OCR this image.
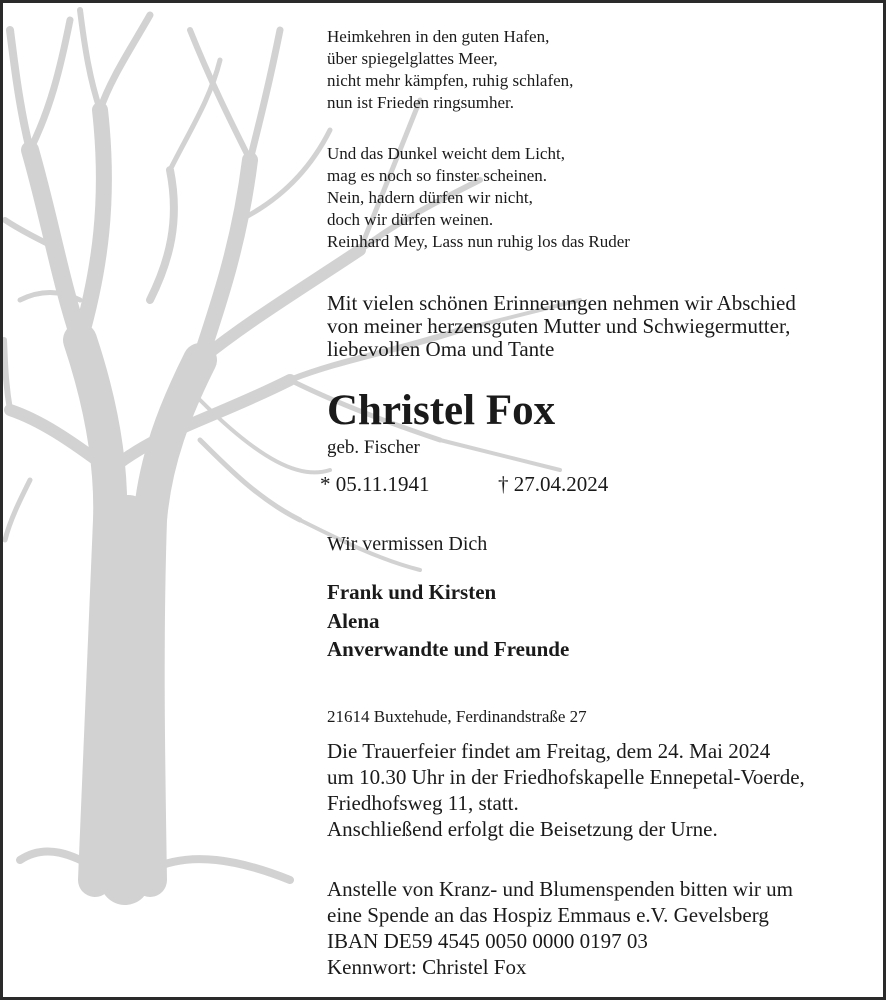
Heimkehren in den guten Hafen,
über spiegelglattes Meer,
nicht mehr kämpfen, ruhig schlafen,
nun ist Frieden ringsumher.
Und das Dunkel weicht dem Licht,
mag es noch so finster scheinen.
Nein, hadern dürfen wir nicht,
doch wir dürfen weinen.
Reinhard Mey, Lass nun ruhig los das Ruder
Mit vielen schönen Erinnerungen nehmen wir Abschied
von meiner herzensguten Mutter und Schwiegermutter,
liebevollen Oma und Tante
Christel Fox
geb. Fischer
* 05.11.1941	† 27.04.2024
Wir vermissen Dich
Frank und Kirsten
Alena
Anverwandte und Freunde
21614 Buxtehude, Ferdinandstraße 27
Die Trauerfeier findet am Freitag, dem 24. Mai 2024
um 10.30 Uhr in der Friedhofskapelle Ennepetal-Voerde,
Friedhofsweg 11, statt.
Anschließend erfolgt die Beisetzung der Urne.
Anstelle von Kranz- und Blumenspenden bitten wir um
eine Spende an das Hospiz Emmaus e.V. Gevelsberg
IBAN DE59 4545 0050 0000 0197 03
Kennwort: Christel Fox
